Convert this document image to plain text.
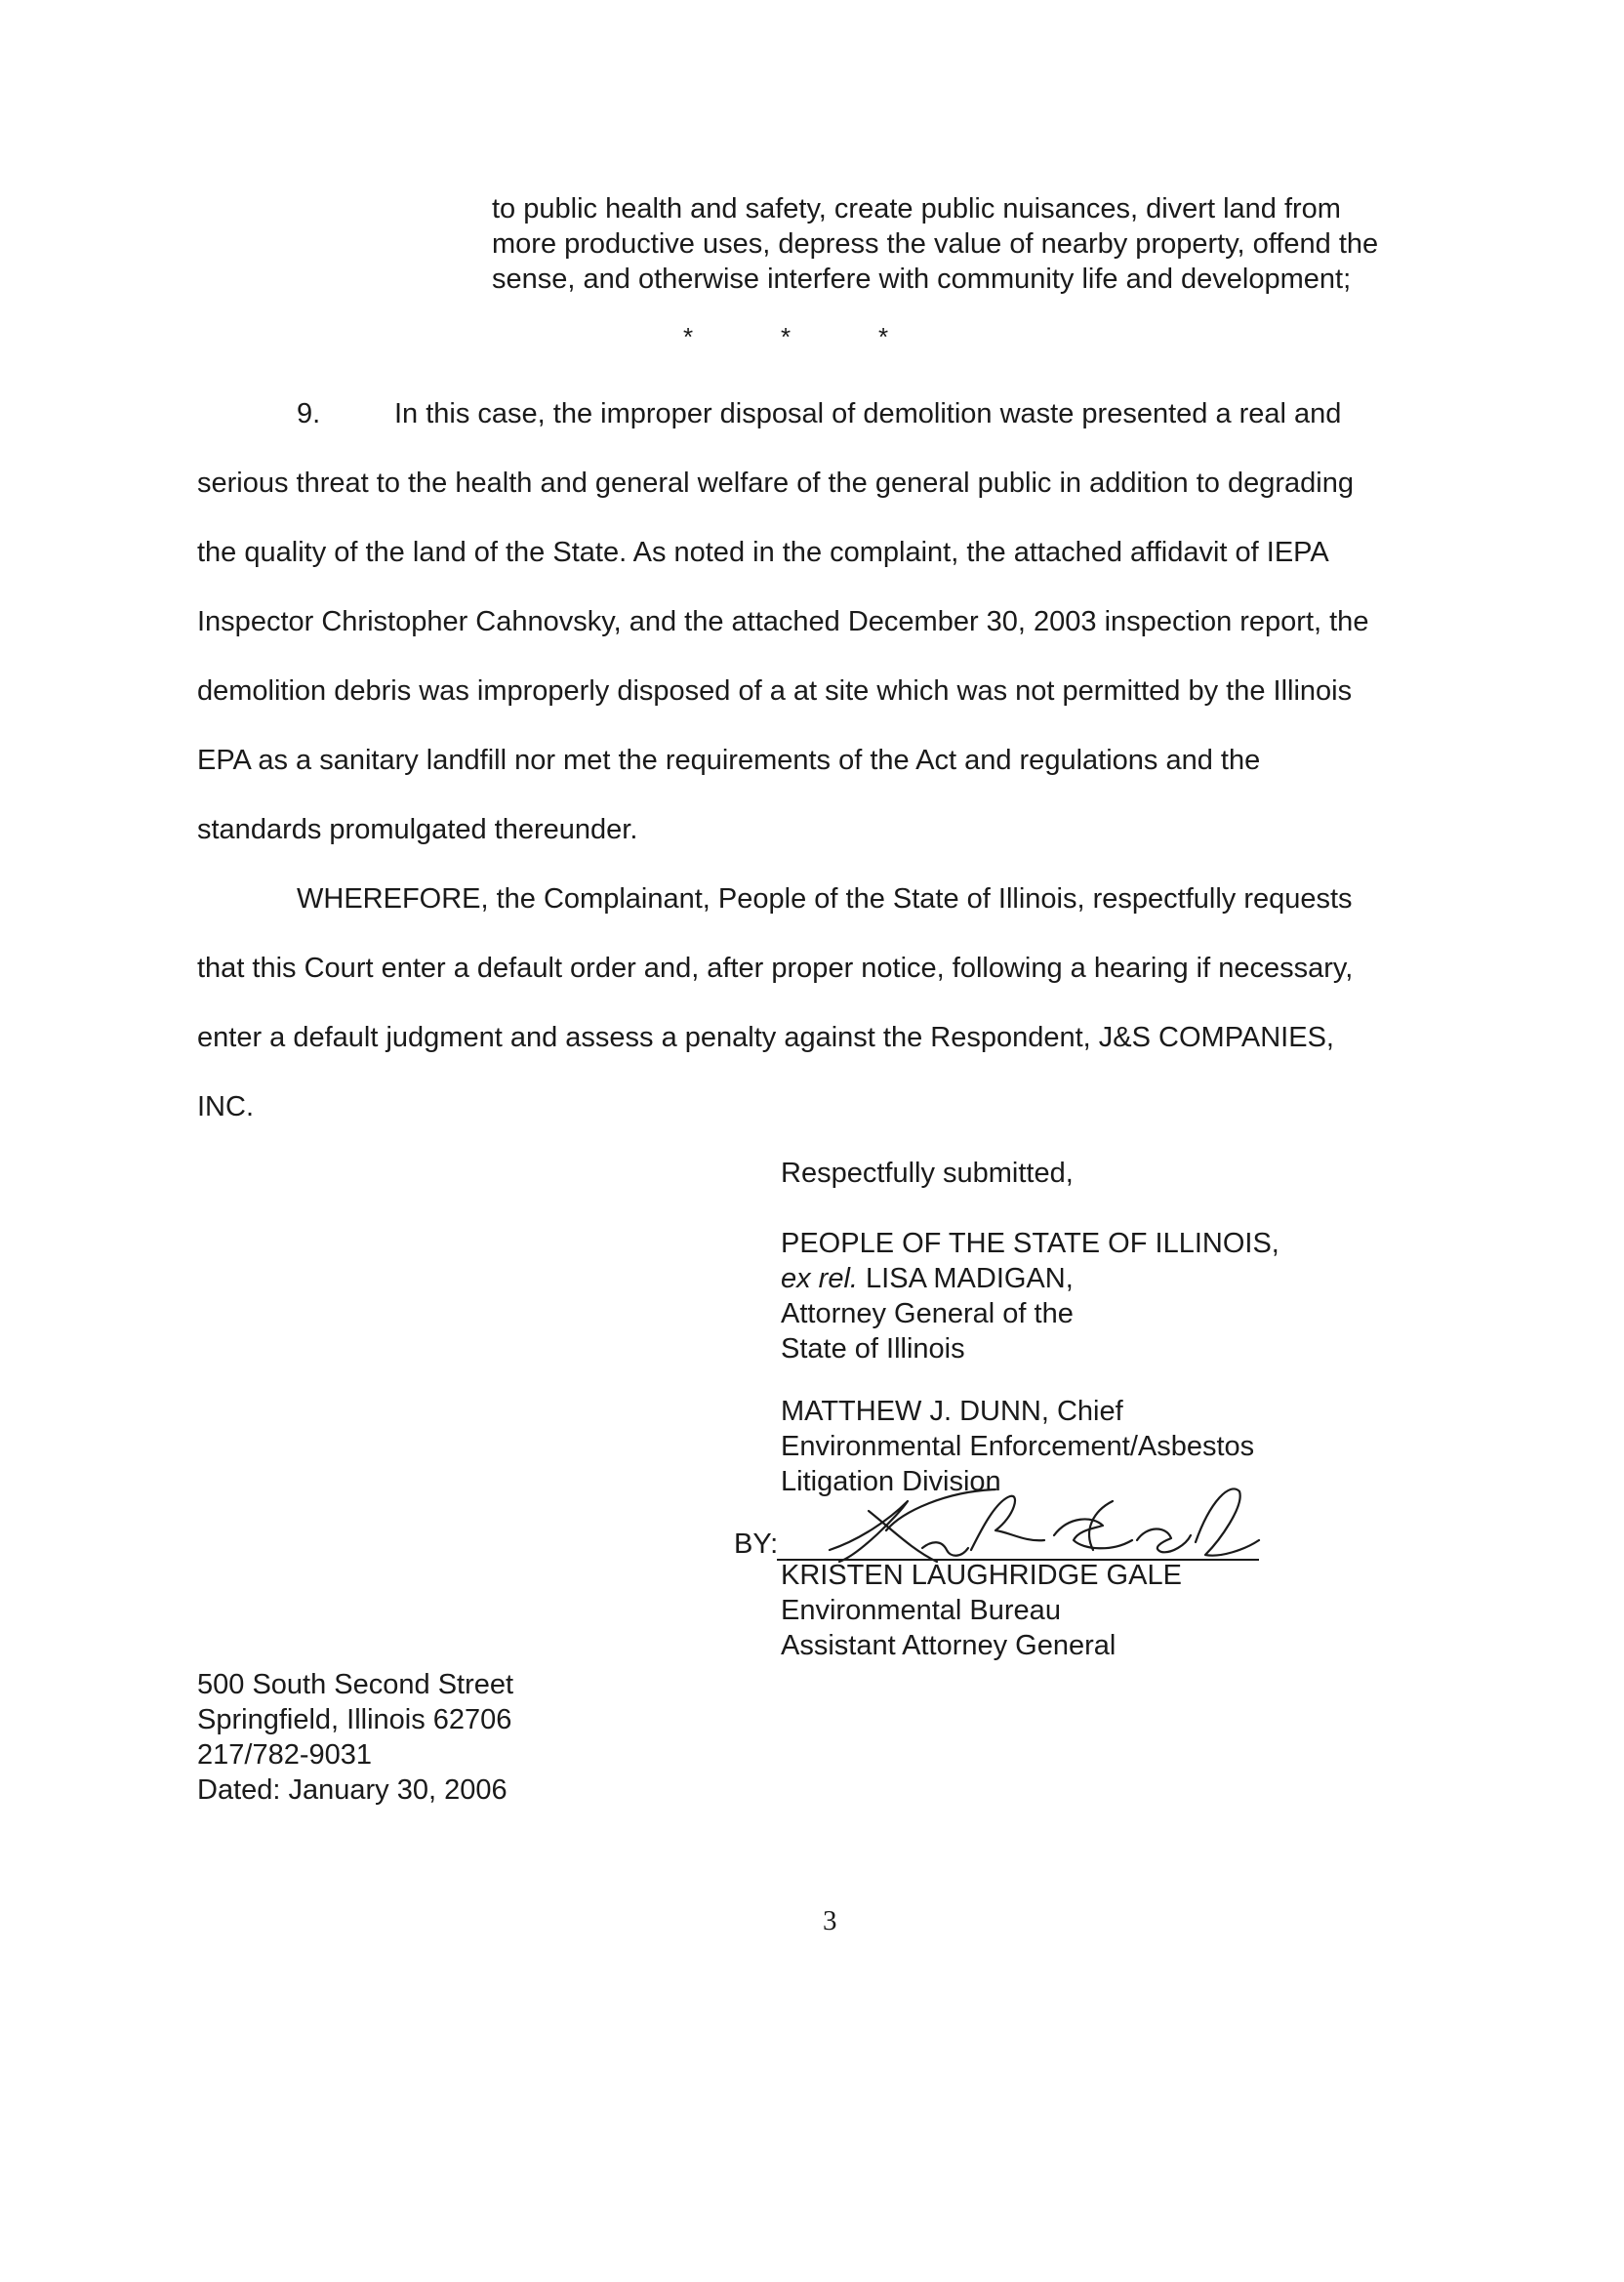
to public health and safety, create public nuisances, divert land from
more productive uses, depress the value of nearby property, offend the
sense, and otherwise interfere with community life and development;
*	*	*
9.	In this case, the improper disposal of demolition waste presented a real and
serious threat to the health and general welfare of the general public in addition to degrading
the quality of the land of the State. As noted in the complaint, the attached affidavit of IEPA
Inspector Christopher Cahnovsky, and the attached December 30, 2003 inspection report, the
demolition debris was improperly disposed of a at site which was not permitted by the Illinois
EPA as a sanitary landfill nor met the requirements of the Act and regulations and the
standards promulgated thereunder.
WHEREFORE, the Complainant, People of the State of Illinois, respectfully requests
that this Court enter a default order and, after proper notice, following a hearing if necessary,
enter a default judgment and assess a penalty against the Respondent, J&S COMPANIES,
INC.
Respectfully submitted,
PEOPLE OF THE STATE OF ILLINOIS,
ex rel. LISA MADIGAN,
Attorney General of the
State of Illinois
MATTHEW J. DUNN, Chief
Environmental Enforcement/Asbestos
Litigation Division
BY:
KRISTEN LAUGHRIDGE GALE
Environmental Bureau
Assistant Attorney General
500 South Second Street
Springfield, Illinois 62706
217/782-9031
Dated: January 30, 2006
3
